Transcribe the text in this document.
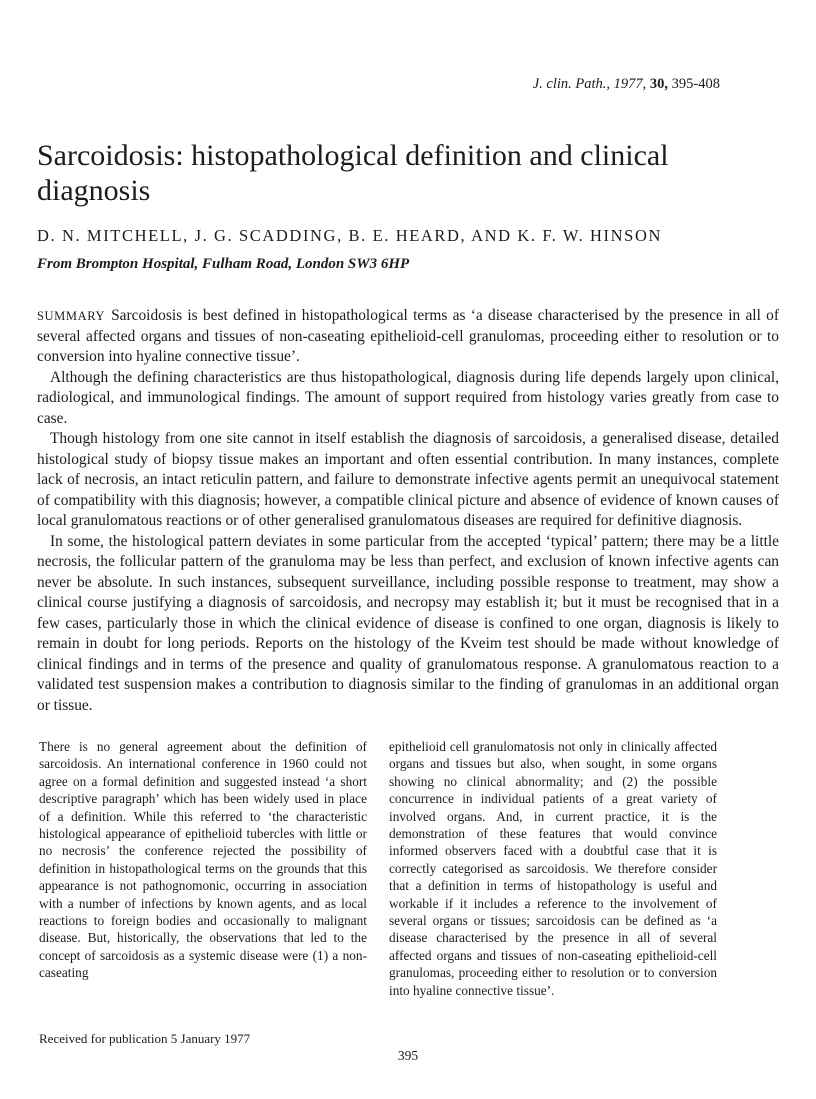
J. clin. Path., 1977, 30, 395-408
Sarcoidosis: histopathological definition and clinical diagnosis
D. N. MITCHELL, J. G. SCADDING, B. E. HEARD, AND K. F. W. HINSON
From Brompton Hospital, Fulham Road, London SW3 6HP

SUMMARY Sarcoidosis is best defined in histopathological terms as ‘a disease characterised by the presence in all of several affected organs and tissues of non-caseating epithelioid-cell granulomas, proceeding either to resolution or to conversion into hyaline connective tissue’.

Although the defining characteristics are thus histopathological, diagnosis during life depends largely upon clinical, radiological, and immunological findings. The amount of support required from histology varies greatly from case to case.

Though histology from one site cannot in itself establish the diagnosis of sarcoidosis, a generalised disease, detailed histological study of biopsy tissue makes an important and often essential contribution. In many instances, complete lack of necrosis, an intact reticulin pattern, and failure to demonstrate infective agents permit an unequivocal statement of compatibility with this diagnosis; however, a compatible clinical picture and absence of evidence of known causes of local granulomatous reactions or of other generalised granulomatous diseases are required for definitive diagnosis.

In some, the histological pattern deviates in some particular from the accepted ‘typical’ pattern; there may be a little necrosis, the follicular pattern of the granuloma may be less than perfect, and exclusion of known infective agents can never be absolute. In such instances, subsequent surveillance, including possible response to treatment, may show a clinical course justifying a diagnosis of sarcoidosis, and necropsy may establish it; but it must be recognised that in a few cases, particularly those in which the clinical evidence of disease is confined to one organ, diagnosis is likely to remain in doubt for long periods. Reports on the histology of the Kveim test should be made without knowledge of clinical findings and in terms of the presence and quality of granulomatous response. A granulomatous reaction to a validated test suspension makes a contribution to diagnosis similar to the finding of granulomas in an additional organ or tissue.

There is no general agreement about the definition of sarcoidosis. An international conference in 1960 could not agree on a formal definition and suggested instead ‘a short descriptive paragraph’ which has been widely used in place of a definition. While this referred to ‘the characteristic histological appearance of epithelioid tubercles with little or no necrosis’ the conference rejected the possibility of definition in histopathological terms on the grounds that this appearance is not pathognomonic, occurring in association with a number of infections by known agents, and as local reactions to foreign bodies and occasionally to malignant disease. But, historically, the observations that led to the concept of sarcoidosis as a systemic disease were (1) a non-caseating

epithelioid cell granulomatosis not only in clinically affected organs and tissues but also, when sought, in some organs showing no clinical abnormality; and (2) the possible concurrence in individual patients of a great variety of involved organs. And, in current practice, it is the demonstration of these features that would convince informed observers faced with a doubtful case that it is correctly categorised as sarcoidosis. We therefore consider that a definition in terms of histopathology is useful and workable if it includes a reference to the involvement of several organs or tissues; sarcoidosis can be defined as ‘a disease characterised by the presence in all of several affected organs and tissues of non-caseating epithelioid-cell granulomas, proceeding either to resolution or to conversion into hyaline connective tissue’.

Received for publication 5 January 1977
395
